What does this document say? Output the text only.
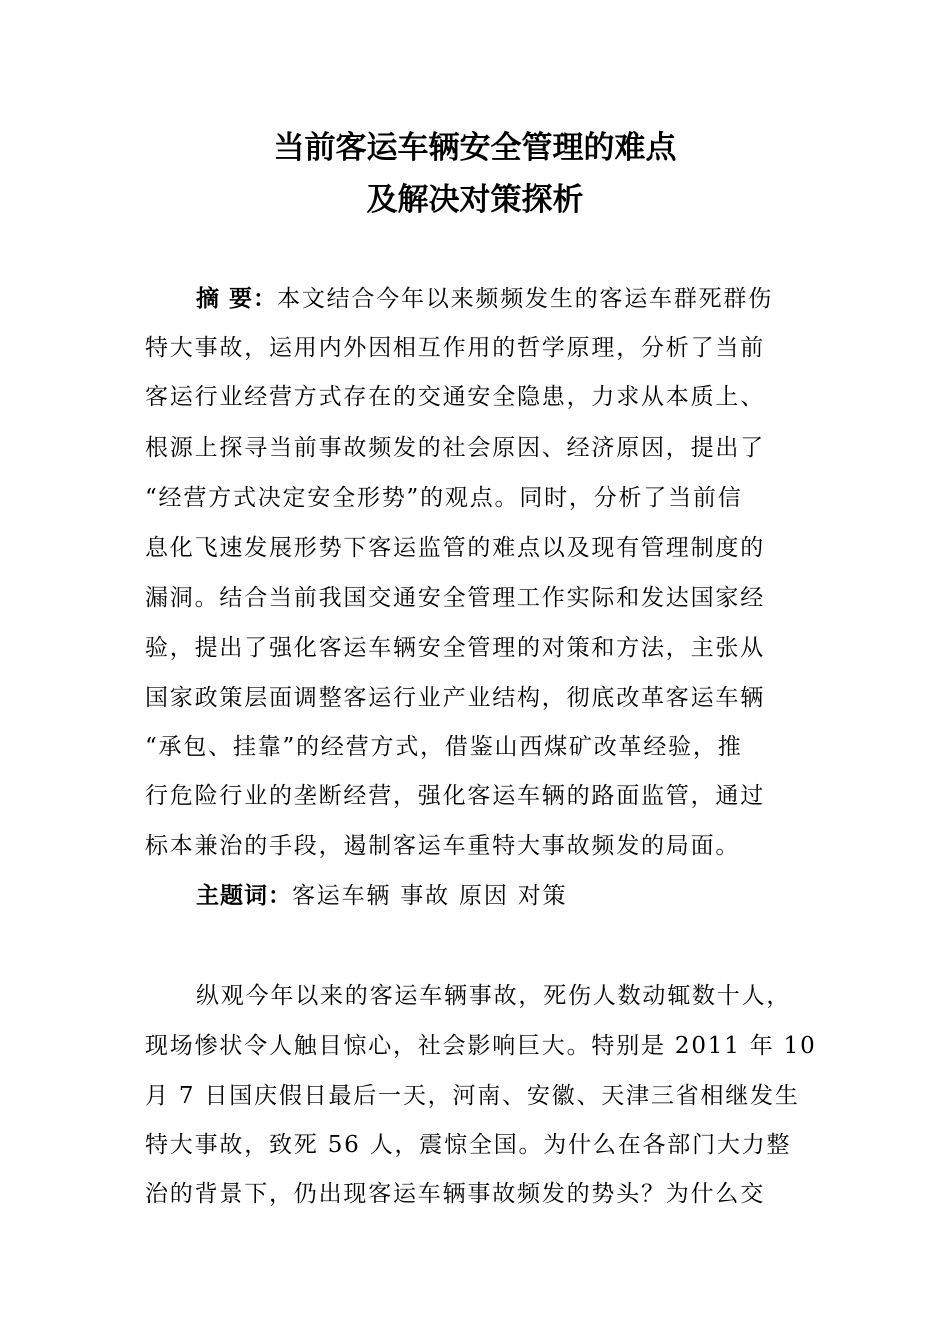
当前客运车辆安全管理的难点
及解决对策探析
摘 要：本文结合今年以来频频发生的客运车群死群伤
特大事故，运用内外因相互作用的哲学原理，分析了当前
客运行业经营方式存在的交通安全隐患，力求从本质上、
根源上探寻当前事故频发的社会原因、经济原因，提出了
“经营方式决定安全形势”的观点。同时，分析了当前信
息化飞速发展形势下客运监管的难点以及现有管理制度的
漏洞。结合当前我国交通安全管理工作实际和发达国家经
验，提出了强化客运车辆安全管理的对策和方法，主张从
国家政策层面调整客运行业产业结构，彻底改革客运车辆
“承包、挂靠”的经营方式，借鉴山西煤矿改革经验，推
行危险行业的垄断经营，强化客运车辆的路面监管，通过
标本兼治的手段，遏制客运车重特大事故频发的局面。
主题词：客运车辆 事故 原因 对策
纵观今年以来的客运车辆事故，死伤人数动辄数十人，
现场惨状令人触目惊心，社会影响巨大。特别是 2011 年 10
月 7 日国庆假日最后一天，河南、安徽、天津三省相继发生
特大事故，致死 56 人，震惊全国。为什么在各部门大力整
治的背景下，仍出现客运车辆事故频发的势头？为什么交
